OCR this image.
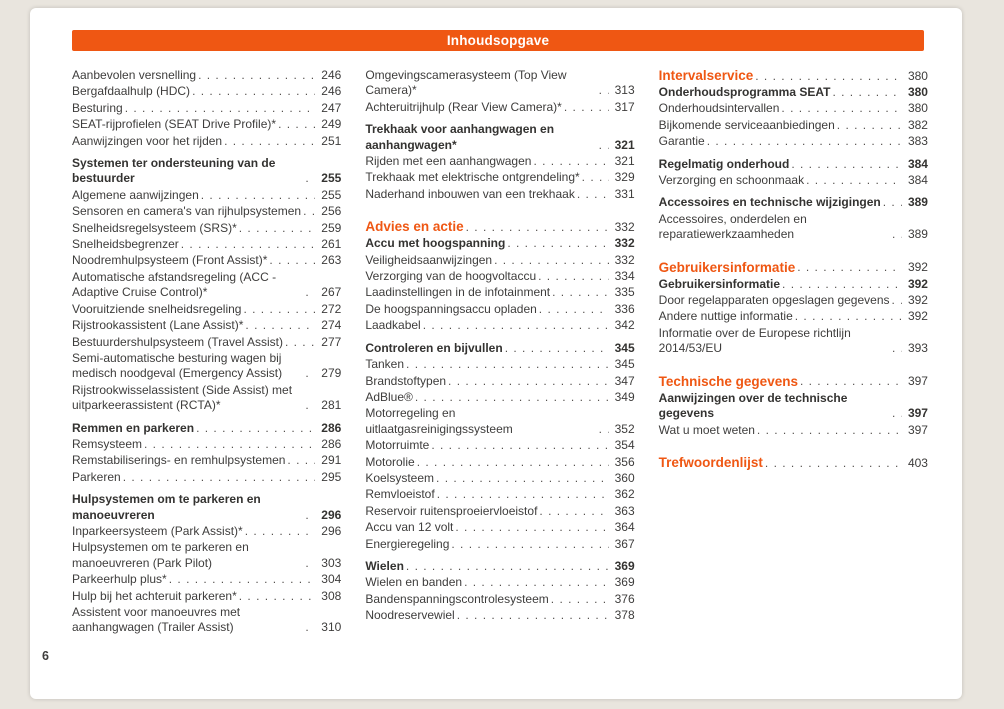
Inhoudsopgave
Aanbevolen versnelling . . .	246
Bergafdaalhulp (HDC) . . .	246
Besturing . . .	247
SEAT-rijprofielen (SEAT Drive Profile)* . . .	249
Aanwijzingen voor het rijden . . .	251
Systemen ter ondersteuning van de bestuurder . . .	255
Algemene aanwijzingen . . .	255
Sensoren en camera's van rijhulpsystemen . . .	256
Snelheidsregelsysteem (SRS)* . . .	259
Snelheidsbegrenzer . . .	261
Noodremhulpsysteem (Front Assist)* . . .	263
Automatische afstandsregeling (ACC - Adaptive Cruise Control)* . . .	267
Vooruitziende snelheidsregeling . . .	272
Rijstrookassistent (Lane Assist)* . . .	274
Bestuurdershulpsysteem (Travel Assist) . . .	277
Semi-automatische besturing wagen bij medisch noodgeval (Emergency Assist) . . .	279
Rijstrookwisselassistent (Side Assist) met uitparkeerassistent (RCTA)* . . .	281
Remmen en parkeren . . .	286
Remsysteem . . .	286
Remstabiliserings- en remhulpsystemen . . .	291
Parkeren . . .	295
Hulpsystemen om te parkeren en manoeuvreren . . .	296
Inparkeersysteem (Park Assist)* . . .	296
Hulpsystemen om te parkeren en manoeuvreren (Park Pilot) . . .	303
Parkeerhulp plus* . . .	304
Hulp bij het achteruit parkeren* . . .	308
Assistent voor manoeuvres met aanhangwagen (Trailer Assist) . . .	310
Omgevingscamerasysteem (Top View Camera)* . . .	313
Achteruitrijhulp (Rear View Camera)* . . .	317
Trekhaak voor aanhangwagen en aanhangwagen* . . .	321
Rijden met een aanhangwagen . . .	321
Trekhaak met elektrische ontgrendeling* . . .	329
Naderhand inbouwen van een trekhaak . . .	331
Advies en actie . . .	332
Accu met hoogspanning . . .	332
Veiligheidsaanwijzingen . . .	332
Verzorging van de hoogvoltaccu . . .	334
Laadinstellingen in de infotainment . . .	335
De hoogspanningsaccu opladen . . .	336
Laadkabel . . .	342
Controleren en bijvullen . . .	345
Tanken . . .	345
Brandstoftypen . . .	347
AdBlue® . . .	349
Motorregeling en uitlaatgasreinigingssysteem . . .	352
Motorruimte . . .	354
Motorolie . . .	356
Koelsysteem . . .	360
Remvloeistof . . .	362
Reservoir ruitensproeiervloeistof . . .	363
Accu van 12 volt . . .	364
Energieregeling . . .	367
Wielen . . .	369
Wielen en banden . . .	369
Bandenspanningscontrolesysteem . . .	376
Noodreservewiel . . .	378
Intervalservice . . .	380
Onderhoudsprogramma SEAT . . .	380
Onderhoudsintervallen . . .	380
Bijkomende serviceaanbiedingen . . .	382
Garantie . . .	383
Regelmatig onderhoud . . .	384
Verzorging en schoonmaak . . .	384
Accessoires en technische wijzigingen . . .	389
Accessoires, onderdelen en reparatiewerkzaamheden . . .	389
Gebruikersinformatie . . .	392
Gebruikersinformatie . . .	392
Door regelapparaten opgeslagen gegevens . . .	392
Andere nuttige informatie . . .	392
Informatie over de Europese richtlijn 2014/53/EU . . .	393
Technische gegevens . . .	397
Aanwijzingen over de technische gegevens . . .	397
Wat u moet weten . . .	397
Trefwoordenlijst . . .	403
6
